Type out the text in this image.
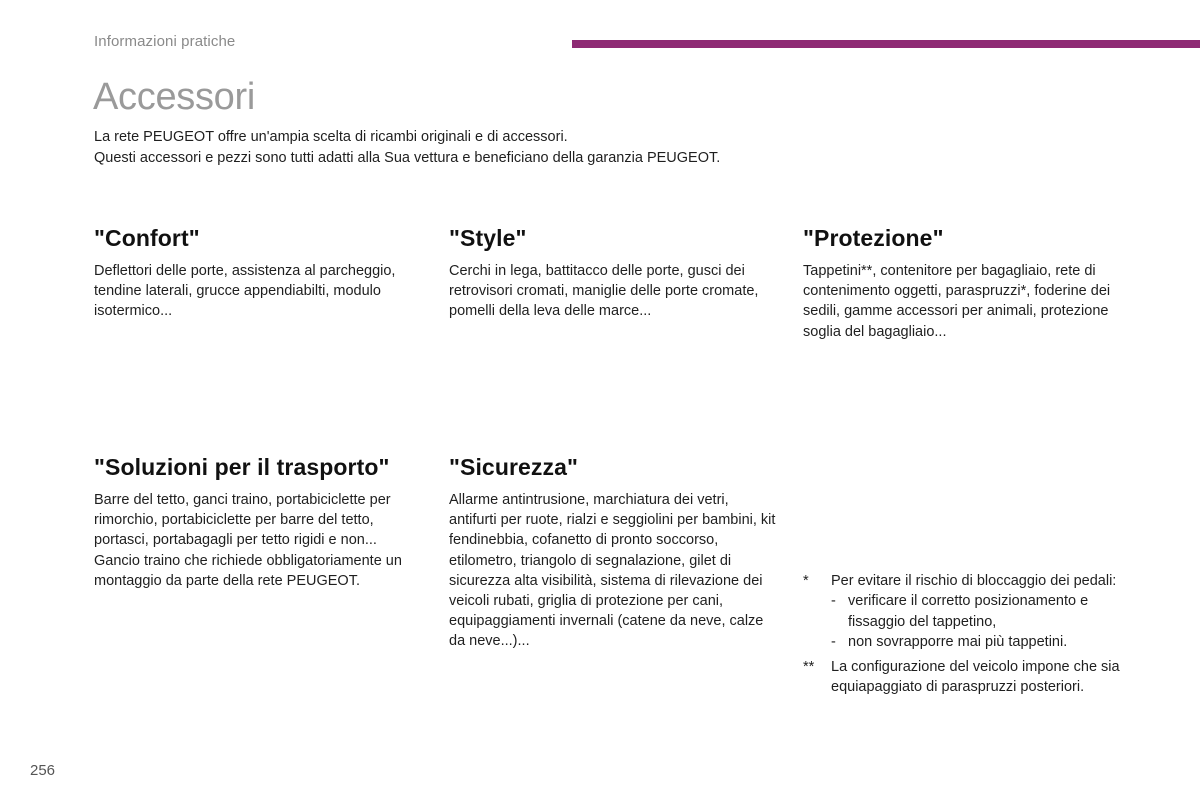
Informazioni pratiche
Accessori

La rete PEUGEOT offre un'ampia scelta di ricambi originali e di accessori.

Questi accessori e pezzi sono tutti adatti alla Sua vettura e beneficiano della garanzia PEUGEOT.

"Confort"

Deflettori delle porte, assistenza al parcheggio, tendine laterali, grucce appendiabilti, modulo isotermico...

"Style"

Cerchi in lega, battitacco delle porte, gusci dei retrovisori cromati, maniglie delle porte cromate, pomelli della leva delle marce...

"Protezione"

Tappetini**, contenitore per bagagliaio, rete di contenimento oggetti, paraspruzzi*, foderine dei sedili, gamme accessori per animali, protezione soglia del bagagliaio...

"Soluzioni per il trasporto"

Barre del tetto, ganci traino, portabiciclette per rimorchio, portabiciclette per barre del tetto, portasci, portabagagli per tetto rigidi e non... Gancio traino che richiede obbligatoriamente un montaggio da parte della rete PEUGEOT.

"Sicurezza"

Allarme antintrusione, marchiatura dei vetri, antifurti per ruote, rialzi e seggiolini per bambini, kit fendinebbia, cofanetto di pronto soccorso, etilometro, triangolo di segnalazione, gilet di sicurezza alta visibilità, sistema di rilevazione dei veicoli rubati, griglia di protezione per cani, equipaggiamenti invernali (catene da neve, calze da neve...)...

* Per evitare il rischio di bloccaggio dei pedali:
- verificare il corretto posizionamento e fissaggio del tappetino,
- non sovrapporre mai più tappetini.
** La configurazione del veicolo impone che sia equiapaggiato di paraspruzzi posteriori.
256
